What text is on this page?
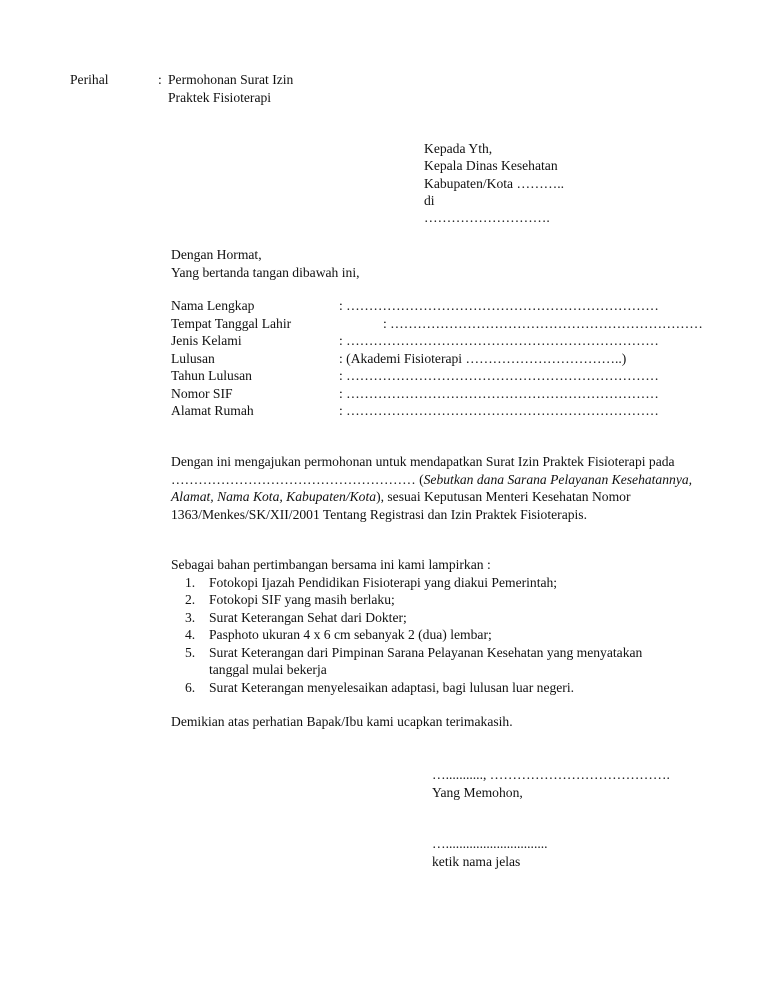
Perihal	: Permohonan Surat Izin
Praktek Fisioterapi
Kepada Yth,
Kepala Dinas Kesehatan
Kabupaten/Kota ………..
di
……………………….
Dengan Hormat,
Yang bertanda tangan dibawah ini,
Nama Lengkap	: ……………………………………………………………
Tempat Tanggal Lahir	: ……………………………………………………………
Jenis Kelami	: ……………………………………………………………
Lulusan	: (Akademi Fisioterapi ……………………………..)
Tahun Lulusan	: ……………………………………………………………
Nomor SIF	: ……………………………………………………………
Alamat Rumah	: ……………………………………………………………
Dengan ini mengajukan permohonan untuk mendapatkan Surat Izin Praktek Fisioterapi pada ……………………………………………… (Sebutkan dana Sarana Pelayanan Kesehatannya, Alamat, Nama Kota, Kabupaten/Kota), sesuai Keputusan Menteri Kesehatan Nomor 1363/Menkes/SK/XII/2001 Tentang Registrasi dan Izin Praktek Fisioterapis.
Sebagai bahan pertimbangan bersama ini kami lampirkan :
1. Fotokopi Ijazah Pendidikan Fisioterapi yang diakui Pemerintah;
2. Fotokopi SIF yang masih berlaku;
3. Surat Keterangan Sehat dari Dokter;
4. Pasphoto ukuran 4 x 6 cm sebanyak 2 (dua) lembar;
5. Surat Keterangan dari Pimpinan Sarana Pelayanan Kesehatan yang menyatakan
tanggal mulai bekerja
6. Surat Keterangan menyelesaikan adaptasi, bagi lulusan luar negeri.
Demikian atas perhatian Bapak/Ibu kami ucapkan terimakasih.
…..........., ………………………………….
Yang Memohon,
…..............................
ketik nama jelas
